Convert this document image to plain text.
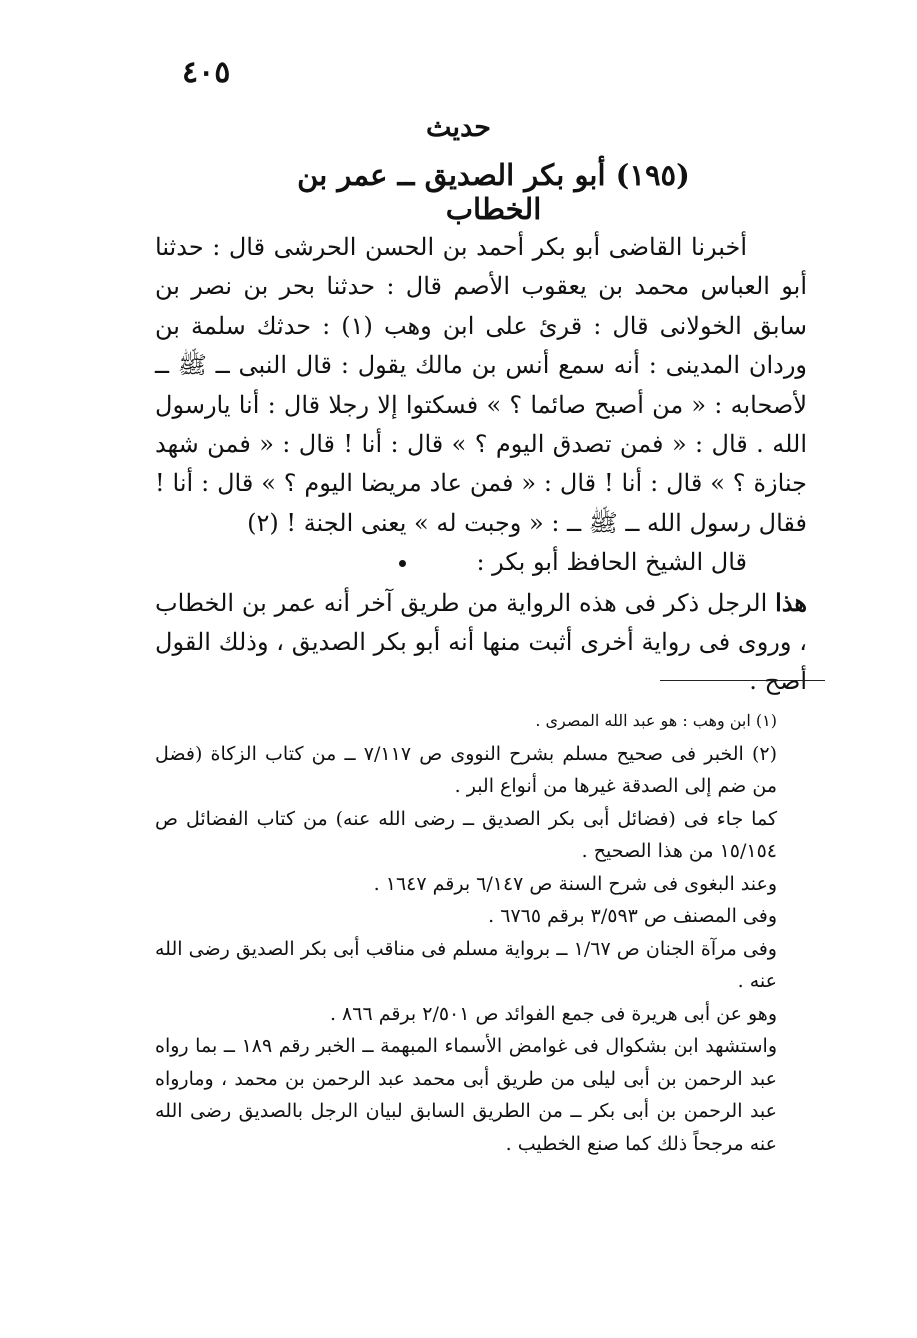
٤٠٥
حديث
(١٩٥) أبو بكر الصديق ــ عمر بن الخطاب

أخبرنا القاضى أبو بكر أحمد بن الحسن الحرشى قال : حدثنا أبو العباس محمد بن يعقوب الأصم قال : حدثنا بحر بن نصر بن سابق الخولانى قال : قرئ على ابن وهب (١) : حدثك سلمة بن وردان المدينى : أنه سمع أنس بن مالك يقول : قال النبى ــ ﷺ ــ لأصحابه : « من أصبح صائما ؟ » فسكتوا إلا رجلا قال : أنا يارسول الله . قال : « فمن تصدق اليوم ؟ » قال : أنا ! قال : « فمن شهد جنازة ؟ » قال : أنا ! قال : « فمن عاد مريضا اليوم ؟ » قال : أنا ! فقال رسول الله ــ ﷺ ــ : « وجبت له » يعنى الجنة ! (٢)

قال الشيخ الحافظ أبو بكر :

هذا الرجل ذكر فى هذه الرواية من طريق آخر أنه عمر بن الخطاب ، وروى فى رواية أخرى أثبت منها أنه أبو بكر الصديق ، وذلك القول أصح .

(١) ابن وهب : هو عبد الله المصرى .

(٢) الخبر فى صحيح مسلم بشرح النووى ص ٧/١١٧ ــ من كتاب الزكاة (فضل من ضم إلى الصدقة غيرها من أنواع البر .

كما جاء فى (فضائل أبى بكر الصديق ــ رضى الله عنه) من كتاب الفضائل ص ١٥/١٥٤ من هذا الصحيح .

وعند البغوى فى شرح السنة ص ٦/١٤٧ برقم ١٦٤٧ .

وفى المصنف ص ٣/٥٩٣ برقم ٦٧٦٥ .

وفى مرآة الجنان ص ١/٦٧ ــ برواية مسلم فى مناقب أبى بكر الصديق رضى الله عنه .

وهو عن أبى هريرة فى جمع الفوائد ص ٢/٥٠١ برقم ٨٦٦ .

واستشهد ابن بشكوال فى غوامض الأسماء المبهمة ــ الخبر رقم ١٨٩ ــ بما رواه عبد الرحمن بن أبى ليلى من طريق أبى محمد عبد الرحمن بن محمد ، ومارواه عبد الرحمن بن أبى بكر ــ من الطريق السابق لبيان الرجل بالصديق رضى الله عنه مرجحاً ذلك كما صنع الخطيب .
